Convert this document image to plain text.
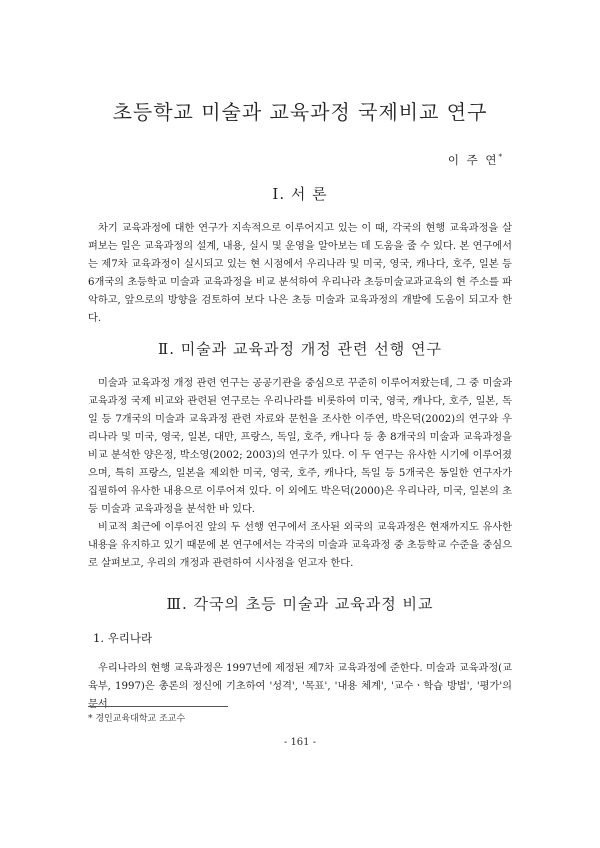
초등학교 미술과 교육과정 국제비교 연구
이 주 연*
Ⅰ. 서 론

차기 교육과정에 대한 연구가 지속적으로 이루어지고 있는 이 때, 각국의 현행 교육과정을 살펴보는 일은 교육과정의 설계, 내용, 실시 및 운영을 알아보는 데 도움을 줄 수 있다. 본 연구에서는 제7차 교육과정이 실시되고 있는 현 시점에서 우리나라 및 미국, 영국, 캐나다, 호주, 일본 등 6개국의 초등학교 미술과 교육과정을 비교 분석하여 우리나라 초등미술교과교육의 현 주소를 파악하고, 앞으로의 방향을 검토하여 보다 나은 초등 미술과 교육과정의 개발에 도움이 되고자 한다.

Ⅱ. 미술과 교육과정 개정 관련 선행 연구

미술과 교육과정 개정 관련 연구는 공공기관을 중심으로 꾸준히 이루어져왔는데, 그 중 미술과 교육과정 국제 비교와 관련된 연구로는 우리나라를 비롯하여 미국, 영국, 캐나다, 호주, 일본, 독일 등 7개국의 미술과 교육과정 관련 자료와 문헌을 조사한 이주연, 박은덕(2002)의 연구와 우리나라 및 미국, 영국, 일본, 대만, 프랑스, 독일, 호주, 캐나다 등 총 8개국의 미술과 교육과정을 비교 분석한 양은정, 박소영(2002; 2003)의 연구가 있다. 이 두 연구는 유사한 시기에 이루어졌으며, 특히 프랑스, 일본을 제외한 미국, 영국, 호주, 캐나다, 독일 등 5개국은 동일한 연구자가 집필하여 유사한 내용으로 이루어져 있다. 이 외에도 박은덕(2000)은 우리나라, 미국, 일본의 초등 미술과 교육과정을 분석한 바 있다.

비교적 최근에 이루어진 앞의 두 선행 연구에서 조사된 외국의 교육과정은 현재까지도 유사한 내용을 유지하고 있기 때문에 본 연구에서는 각국의 미술과 교육과정 중 초등학교 수준을 중심으로 살펴보고, 우리의 개정과 관련하여 시사점을 얻고자 한다.

Ⅲ. 각국의 초등 미술과 교육과정 비교
1. 우리나라

우리나라의 현행 교육과정은 1997년에 제정된 제7차 교육과정에 준한다. 미술과 교육과정(교육부, 1997)은 총론의 정신에 기초하여 '성격', '목표', '내용 체계', '교수ㆍ학습 방법', '평가'의 문서

* 경인교육대학교 조교수
- 161 -
